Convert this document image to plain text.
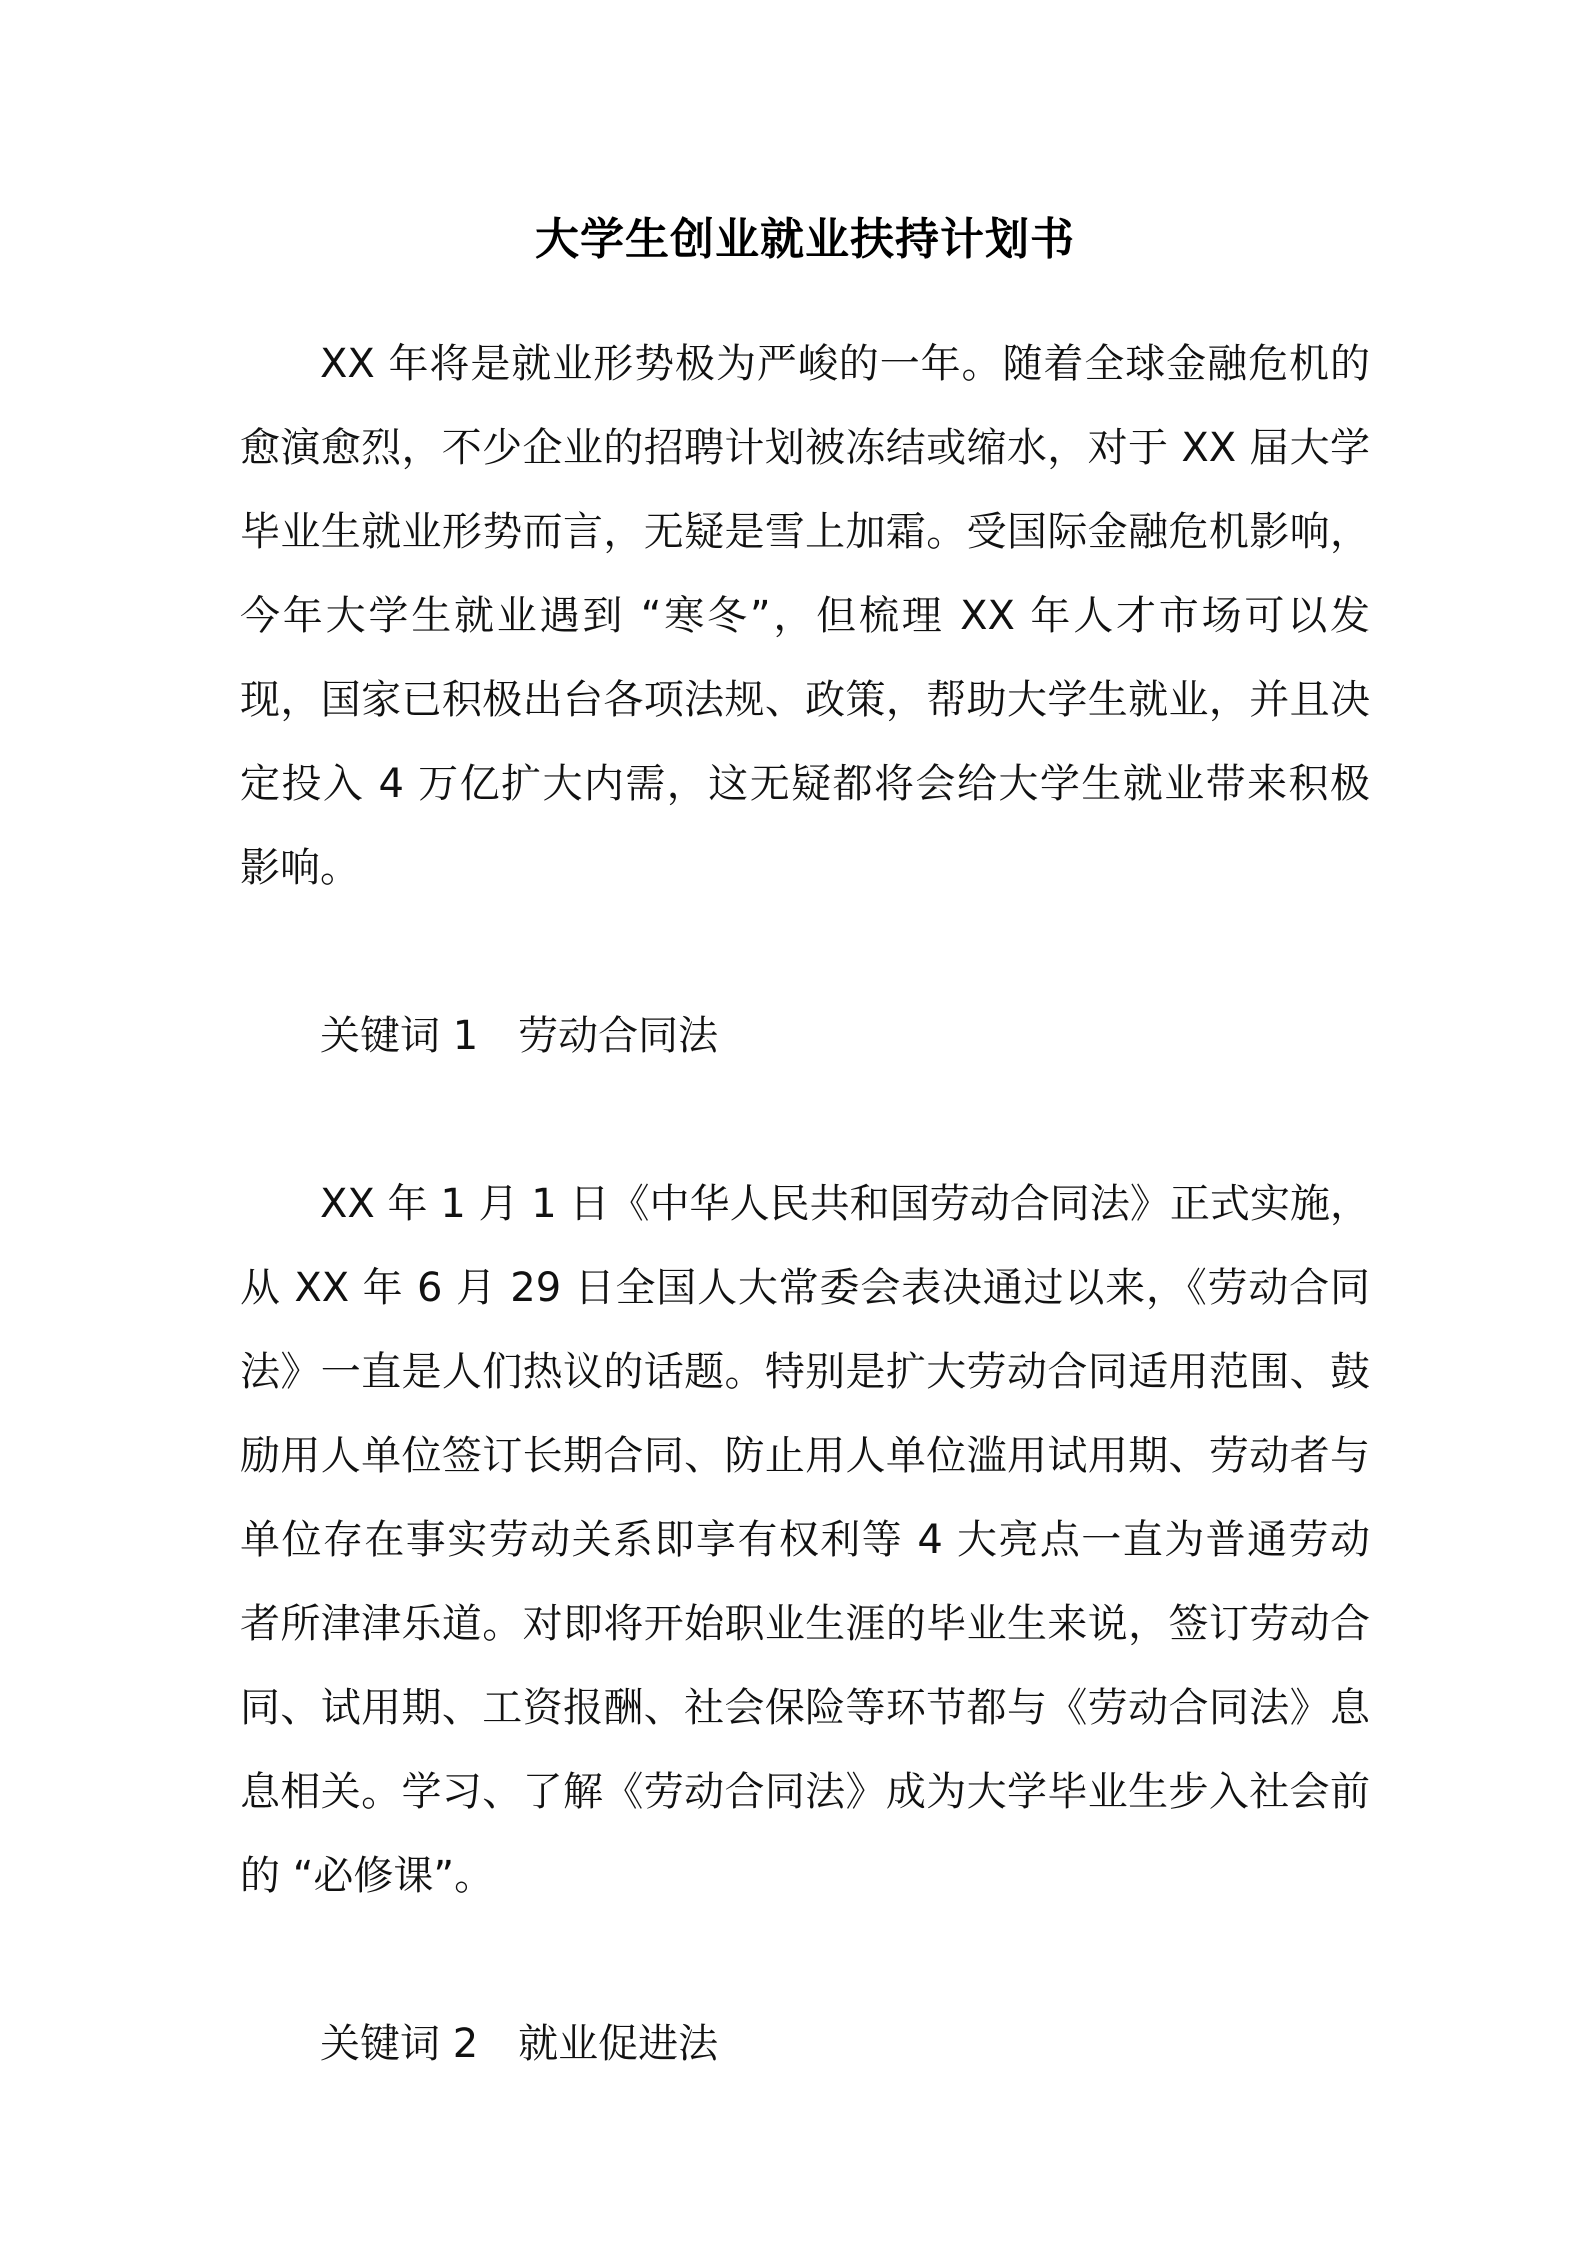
大学生创业就业扶持计划书

XX 年将是就业形势极为严峻的一年。随着全球金融危机的愈演愈烈，不少企业的招聘计划被冻结或缩水，对于 XX 届大学毕业生就业形势而言，无疑是雪上加霜。受国际金融危机影响，今年大学生就业遇到 “寒冬”，但梳理 XX 年人才市场可以发现，国家已积极出台各项法规、政策，帮助大学生就业，并且决定投入 4 万亿扩大内需，这无疑都将会给大学生就业带来积极影响。

关键词 1 劳动合同法

XX 年 1 月 1 日《中华人民共和国劳动合同法》正式实施，从 XX 年 6 月 29 日全国人大常委会表决通过以来，《劳动合同法》一直是人们热议的话题。特别是扩大劳动合同适用范围、鼓励用人单位签订长期合同、防止用人单位滥用试用期、劳动者与单位存在事实劳动关系即享有权利等 4 大亮点一直为普通劳动者所津津乐道。对即将开始职业生涯的毕业生来说，签订劳动合同、试用期、工资报酬、社会保险等环节都与《劳动合同法》息息相关。学习、了解《劳动合同法》成为大学毕业生步入社会前的 “必修课”。

关键词 2 就业促进法
